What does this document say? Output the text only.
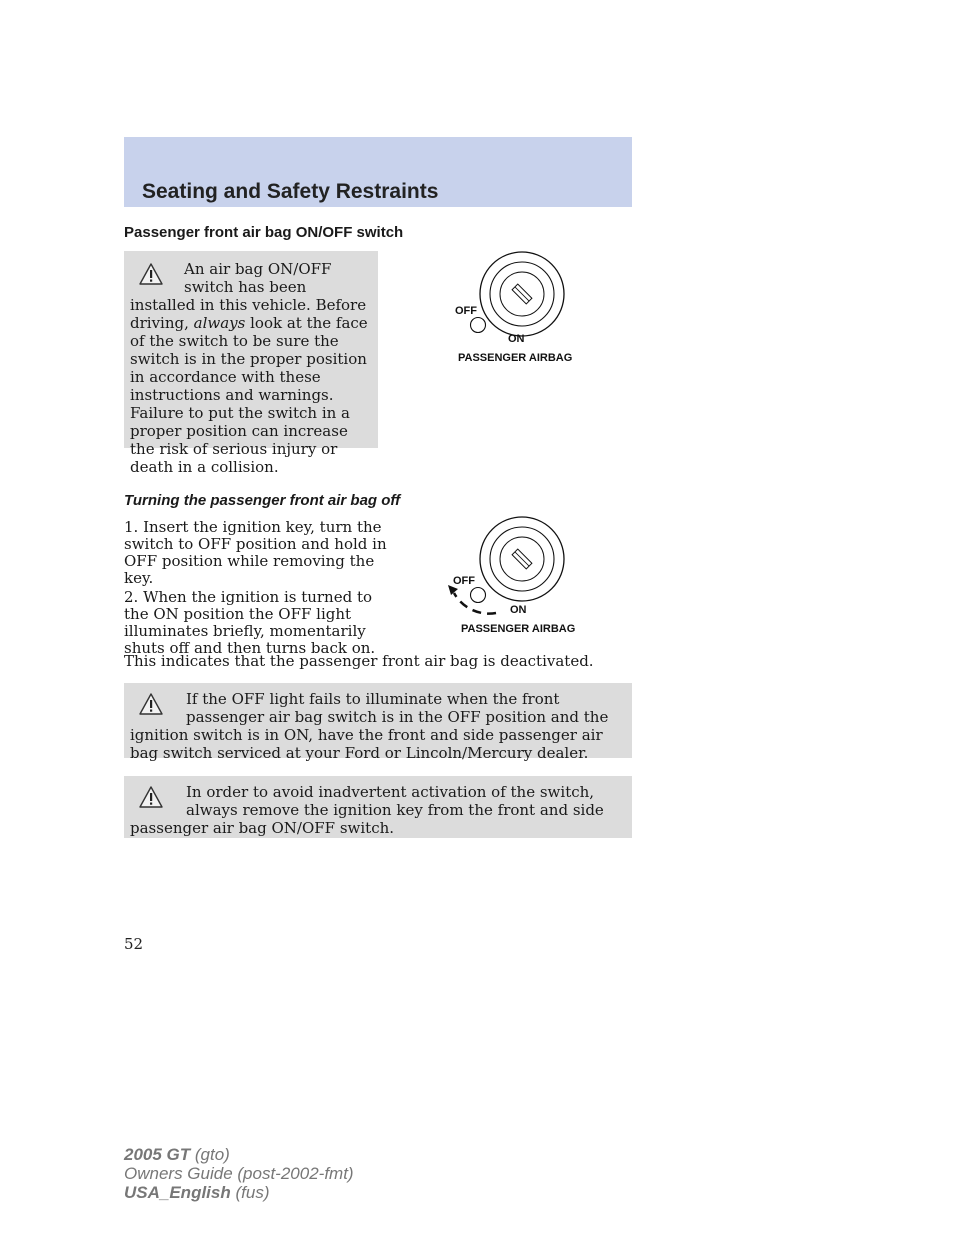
Seating and Safety Restraints
Passenger front air bag ON/OFF switch

An air bag ON/OFF switch has been installed in this vehicle. Before driving, always look at the face of the switch to be sure the switch is in the proper position in accordance with these instructions and warnings. Failure to put the switch in a proper position can increase the risk of serious injury or death in a collision.

OFF
ON
PASSENGER AIRBAG
Turning the passenger front air bag off

1. Insert the ignition key, turn the switch to OFF position and hold in OFF position while removing the key.

2. When the ignition is turned to the ON position the OFF light illuminates briefly, momentarily shuts off and then turns back on.

This indicates that the passenger front air bag is deactivated.

OFF
ON
PASSENGER AIRBAG

If the OFF light fails to illuminate when the front passenger air bag switch is in the OFF position and the ignition switch is in ON, have the front and side passenger air bag switch serviced at your Ford or Lincoln/Mercury dealer.

In order to avoid inadvertent activation of the switch, always remove the ignition key from the front and side passenger air bag ON/OFF switch.

52

2005 GT (gto)
Owners Guide (post-2002-fmt)
USA_English (fus)
